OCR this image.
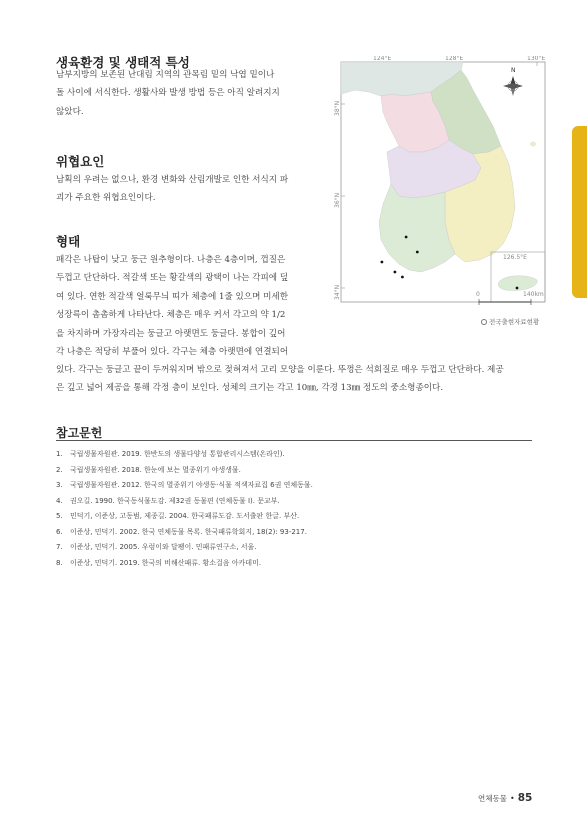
생육환경 및 생태적 특성
남부지방의 보존된 난대림 지역의 관목림 밑의 낙엽 밑이나
돌 사이에 서식한다. 생활사와 발생 방법 등은 아직 알려지지
않았다.
위협요인
남획의 우려는 없으나, 환경 변화와 산림개발로 인한 서식지 파
괴가 주요한 위협요인이다.
형태
패각은 나탑이 낮고 둥근 원추형이다. 나층은 4층이며, 껍질은
두껍고 단단하다. 적갈색 또는 황갈색의 광택이 나는 각피에 덮
여 있다. 연한 적갈색 얼룩무늬 띠가 체층에 1줄 있으며 미세한
성장륵이 촘촘하게 나타난다. 체층은 매우 커서 각고의 약 1/2
을 차지하며 가장자리는 둥글고 아랫면도 둥글다. 봉합이 깊어
각 나층은 적당히 부풀어 있다. 각구는 체층 아랫면에 연결되어
있다. 각구는 둥글고 끝이 두꺼워지며 밖으로 젖혀져서 고리 모양을 이룬다. 뚜껑은 석회질로 매우 두껍고 단단하다. 제공
은 깊고 넓어 제공을 통해 각정 층이 보인다. 성체의 크기는 각고 10㎜, 각경 13㎜ 정도의 중소형종이다.
124°E	128°E	130°E
38°N
36°N
34°N
126.5°E
N
0	140km
전국출현자료현황
참고문헌
1. 국립생물자원관. 2019. 한반도의 생물다양성 통합관리시스템(온라인).
2. 국립생물자원관. 2018. 한눈에 보는 멸종위기 야생생물.
3. 국립생물자원관. 2012. 한국의 멸종위기 야생동·식물 적색자료집 6권 연체동물.
4. 권오길. 1990. 한국동식물도감. 제32권 동물편 (연체동물 Ⅰ). 문교부.
5. 민덕기, 이준상, 고동범, 제종길. 2004. 한국패류도감. 도서출판 한글. 부산.
6. 이준상, 민덕기. 2002. 한국 연체동물 목록. 한국패류학회지, 18(2): 93-217.
7. 이준상, 민덕기. 2005. 우렁이와 달팽이. 민패류연구소, 서울.
8. 이준상, 민덕기. 2019. 한국의 비해산패류. 황소걸음 아카데미.
연체동물 • 85
